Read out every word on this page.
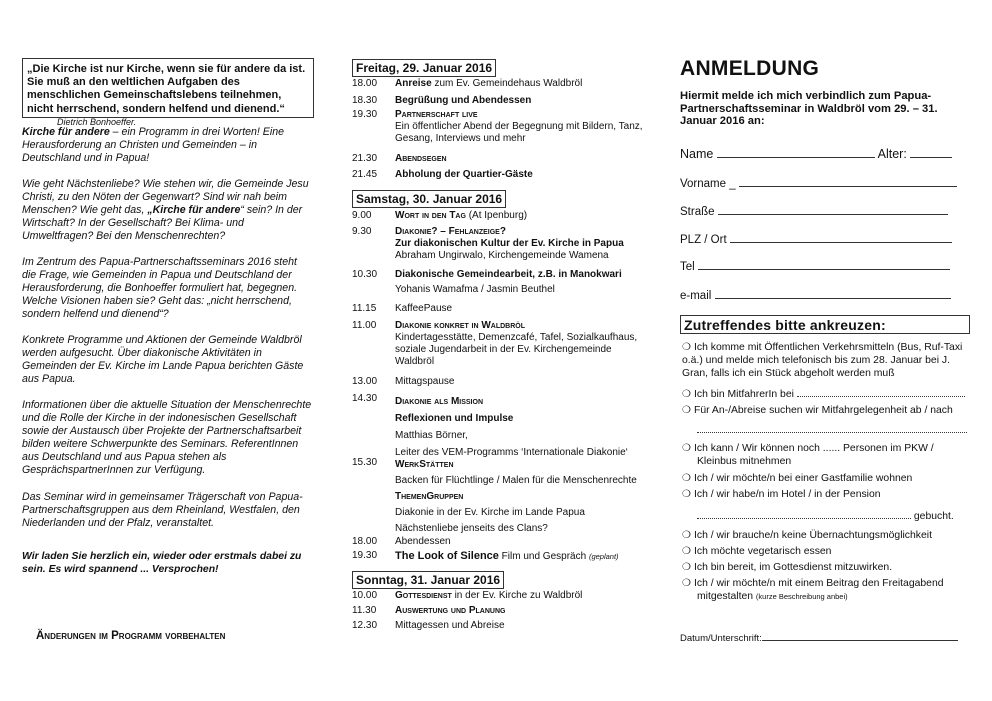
„Die Kirche ist nur Kirche, wenn sie für andere da ist. Sie muß an den weltlichen Aufgaben des menschlichen Gemeinschaftslebens teilnehmen, nicht herrschend, sondern helfend und dienend.“ Dietrich Bonhoeffer.
Kirche für andere – ein Programm in drei Worten! Eine Herausforderung an Christen und Gemeinden – in Deutschland und in Papua!
Wie geht Nächstenliebe? Wie stehen wir, die Gemeinde Jesu Christi, zu den Nöten der Gegenwart? Sind wir nah beim Menschen? Wie geht das, „Kirche für andere“ sein? In der Wirtschaft? In der Gesellschaft? Bei Klima- und Umweltfragen? Bei den Menschenrechten?
Im Zentrum des Papua-Partnerschaftsseminars 2016 steht die Frage, wie Gemeinden in Papua und Deutschland der Herausforderung, die Bonhoeffer formuliert hat, begegnen. Welche Visionen haben sie? Geht das: „nicht herrschend, sondern helfend und dienend“?
Konkrete Programme und Aktionen der Gemeinde Waldbröl werden aufgesucht. Über diakonische Aktivitäten in Gemeinden der Ev. Kirche im Lande Papua berichten Gäste aus Papua.
Informationen über die aktuelle Situation der Menschenrechte und die Rolle der Kirche in der indonesischen Gesellschaft sowie der Austausch über Projekte der Partnerschaftsarbeit bilden weitere Schwerpunkte des Seminars. ReferentInnen aus Deutschland und aus Papua stehen als GesprächspartnerInnen zur Verfügung.
Das Seminar wird in gemeinsamer Trägerschaft von Papua-Partnerschaftsgruppen aus dem Rheinland, Westfalen, den Niederlanden und der Pfalz, veranstaltet.
Wir laden Sie herzlich ein, wieder oder erstmals dabei zu sein. Es wird spannend ... Versprochen!
Änderungen im Programm vorbehalten
Freitag, 29. Januar 2016
18.00	Anreise zum Ev. Gemeindehaus Waldbröl
18.30	Begrüßung und Abendessen
19.30	Partnerschaft live
Ein öffentlicher Abend der Begegnung mit Bildern, Tanz, Gesang, Interviews und mehr
21.30	Abendsegen
21.45	Abholung der Quartier-Gäste
Samstag, 30. Januar 2016
9.00	Wort in den Tag (At Ipenburg)
9.30	Diakonie? – Fehlanzeige?
Zur diakonischen Kultur der Ev. Kirche in Papua
Abraham Ungirwalo, Kirchengemeinde Wamena
10.30	Diakonische Gemeindearbeit, z.B. in Manokwari
Yohanis Wamafma / Jasmin Beuthel
11.15	KaffeePause
11.00	Diakonie konkret in Waldbröl
Kindertagesstätte, Demenzcafé, Tafel, Sozialkaufhaus, soziale Jugendarbeit in der Ev. Kirchengemeinde Waldbröl
13.00	Mittagspause
14.30	Diakonie als Mission
Reflexionen und Impulse
Matthias Börner,
Leiter des VEM-Programms ‘Internationale Diakonie‘
15.30	WerkStätten
Backen für Flüchtlinge / Malen für die Menschenrechte
ThemenGruppen
Diakonie in der Ev. Kirche im Lande Papua
Nächstenliebe jenseits des Clans?
18.00	Abendessen
19.30	The Look of Silence Film und Gespräch (geplant)
Sonntag, 31. Januar 2016
10.00	Gottesdienst in der Ev. Kirche zu Waldbröl
11.30	Auswertung und Planung
12.30	Mittagessen und Abreise
ANMELDUNG
Hiermit melde ich mich verbindlich zum Papua-Partnerschaftsseminar in Waldbröl vom 29. – 31. Januar 2016 an:
Name	Alter:
Vorname _
Straße
PLZ / Ort
Tel
e-mail
Zutreffendes bitte ankreuzen:
❍ Ich komme mit Öffentlichen Verkehrsmitteln (Bus, Ruf-Taxi o.ä.) und melde mich telefonisch bis zum 28. Januar bei J. Gran, falls ich ein Stück abgeholt werden muß
❍ Ich bin MitfahrerIn bei
❍ Für An-/Abreise suchen wir Mitfahrgelegenheit ab / nach
❍ Ich kann / Wir können noch ...... Personen im PKW /
Kleinbus mitnehmen
❍ Ich / wir möchte/n bei einer Gastfamilie wohnen
❍ Ich / wir habe/n im Hotel / in der Pension
gebucht.
❍ Ich / wir brauche/n keine Übernachtungsmöglichkeit
❍ Ich möchte vegetarisch essen
❍ Ich bin bereit, im Gottesdienst mitzuwirken.
❍ Ich / wir möchte/n mit einem Beitrag den Freitagabend
mitgestalten (kurze Beschreibung anbei)
Datum/Unterschrift:
